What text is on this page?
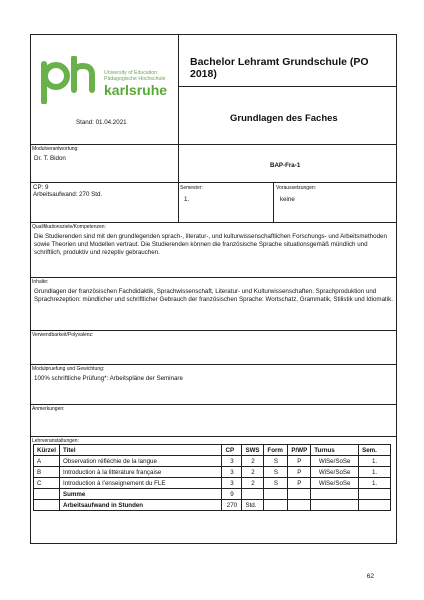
University of Education
Pädagogische Hochschule
karlsruhe
Stand: 01.04.2021
Bachelor Lehramt Grundschule (PO 2018)
Grundlagen des Faches
Modulverantwortung:
Dr. T. Bidon
BAP-Fra-1
CP: 9
Arbeitsaufwand: 270 Std.
Semester:
1.
Voraussetzungen:
keine
Qualifikationsziele/Kompetenzen:
Die Studierenden sind mit den grundlegenden sprach-, literatur-, und kulturwissenschaftlichen Forschungs- und Arbeitsmethoden sowie Theorien und Modellen vertraut. Die Studierenden können die französische Sprache situationsgemäß mündlich und schriftlich, produktiv und rezeptiv gebrauchen.
Inhalte:
Grundlagen der französischen Fachdidaktik, Sprachwissenschaft, Literatur- und Kulturwissenschaften. Sprachproduktion und Sprachrezeption: mündlicher und schriftlicher Gebrauch der französischen Sprache: Wortschatz, Grammatik, Stilistik und Idiomatik.
Verwendbarkeit/Polyvalenz:
Modulpruefung und Gewichtung:
100% schriftliche Prüfung*: Arbeitspläne der Seminare
Anmerkungen:
Lehrveranstaltungen:
Kürzel	Titel	CP	SWS	Form	P/WP	Turnus	Sem.
A	Observation réfléchie de la langue	3	2	S	P	WiSe/SoSe	1.
B	Introduction à la littérature française	3	2	S	P	WiSe/SoSe	1.
C	Introduction à l’enseignement du FLE	3	2	S	P	WiSe/SoSe	1.
	Summe	9					
	Arbeitsaufwand in Stunden	270	Std.				
62
